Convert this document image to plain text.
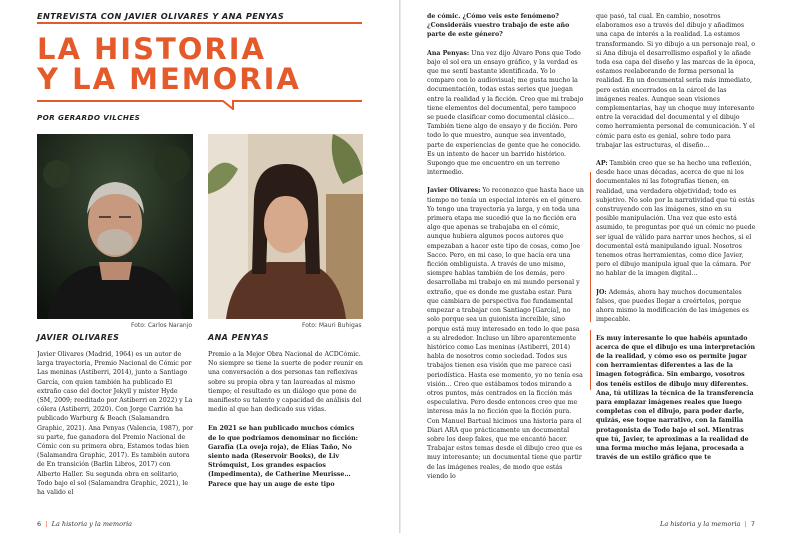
ENTREVISTA CON JAVIER OLIVARES Y ANA PENYAS
LA HISTORIA
Y LA MEMORIA
POR GERARDO VILCHES
Foto: Carlos Naranjo	Foto: Mauri Buhigas
JAVIER OLIVARES	ANA PENYAS

Javier Olivares (Madrid, 1964) es un autor de larga trayectoria, Premio Nacional de Cómic por Las meninas (Astiberri, 2014), junto a Santiago García, con quien también ha publicado El extraño caso del doctor Jekyll y míster Hyde (SM, 2009; reeditado por Astiberri en 2022) y La cólera (Astiberri, 2020). Con Jorge Carrión ha publicado Warburg & Beach (Salamandra Graphic, 2021). Ana Penyas (Valencia, 1987), por su parte, fue ganadora del Premio Nacional de Cómic con su primera obra, Estamos todas bien (Salamandra Graphic, 2017). Es también autora de En transición (Barlin Libros, 2017) con Alberto Haller. Su segunda obra en solitario, Todo bajo el sol (Salamandra Graphic, 2021), le ha valido el

Premio a la Mejor Obra Nacional de ACDCómic. No siempre se tiene la suerte de poder reunir en una conversación a dos personas tan reflexivas sobre su propia obra y tan laureadas al mismo tiempo; el resultado es un diálogo que pone de manifiesto su talento y capacidad de análisis del medio al que han dedicado sus vidas.

En 2021 se han publicado muchos cómics de lo que podríamos denominar no ficción: Garafía (La oveja roja), de Elías Taño, No siento nada (Reservoir Books), de Liv Strömquist, Los grandes espacios (Impedimenta), de Catherine Meurisse… Parece que hay un auge de este tipo

6  |  La historia y la memoria

de cómic. ¿Cómo veis este fenómeno? ¿Consideráis vuestro trabajo de este año parte de este género?

Ana Penyas: Una vez dijo Álvaro Pons que Todo bajo el sol era un ensayo gráfico, y la verdad es que me sentí bastante identificada. Yo lo comparo con lo audiovisual; me gusta mucho la documentación, todas estas series que juegan entre la realidad y la ficción. Creo que mi trabajo tiene elementos del documental, pero tampoco se puede clasificar como documental clásico… También tiene algo de ensayo y de ficción. Pero todo lo que muestro, aunque sea inventado, parte de experiencias de gente que he conocido. Es un intento de hacer un barrido histórico. Supongo que me encuentro en un terreno intermedio.

Javier Olivares: Yo reconozco que hasta hace un tiempo no tenía un especial interés en el género. Yo tengo una trayectoria ya larga, y en toda una primera etapa me sucedió que la no ficción era algo que apenas se trabajaba en el cómic, aunque hubiera algunos pocos autores que empezaban a hacer este tipo de cosas, como Joe Sacco. Pero, en mi caso, lo que hacía era una ficción ombliguista. A través de uno mismo, siempre hablas también de los demás, pero desarrollaba mi trabajo en mi mundo personal y extraño, que es donde me gustaba estar. Para que cambiara de perspectiva fue fundamental empezar a trabajar con Santiago [García], no solo porque sea un guionista increíble, sino porque está muy interesado en todo lo que pasa a su alrededor. Incluso un libro aparentemente histórico como Las meninas (Astiberri, 2014) habla de nosotros como sociedad. Todos sus trabajos tienen esa visión que me parece casi periodística. Hasta ese momento, yo no tenía esa visión… Creo que estábamos todos mirando a otros puntos, más centrados en la ficción más especulativa. Pero desde entonces creo que me interesa más la no ficción que la ficción pura. Con Manuel Bartual hicimos una historia para el Diari ARA que prácticamente un documental sobre los deep fakes, que me encantó hacer. Trabajar estos temas desde el dibujo creo que es muy interesante; un documental tiene que partir de las imágenes reales, de modo que estás viendo lo

que pasó, tal cual. En cambio, nosotros elaboramos eso a través del dibujo y añadimos una capa de interés a la realidad. La estamos transformando. Si yo dibujo a un personaje real, o si Ana dibuja el desarrollismo español y le añade toda esa capa del diseño y las marcas de la época, estamos reelaborando de forma personal la realidad. En un documental sería más inmediato, pero están encerrados en la cárcel de las imágenes reales. Aunque sean visiones complementarias, hay un choque muy interesante entre la veracidad del documental y el dibujo como herramienta personal de comunicación. Y el cómic para esto es genial, sobre todo para trabajar las estructuras, el diseño…

AP: También creo que se ha hecho una reflexión, desde hace unas décadas, acerca de que ni los documentales ni las fotografías tienen, en realidad, una verdadera objetividad; todo es subjetivo. No solo por la narratividad que tú estás construyendo con las imágenes, sino en su posible manipulación. Una vez que esto está asumido, te preguntas por qué un cómic no puede ser igual de válido para narrar unos hechos, si el documental está manipulando igual. Nosotros tenemos otras herramientas, como dice Javier, pero el dibujo manipula igual que la cámara. Por no hablar de la imagen digital…

JO: Además, ahora hay muchos documentales falsos, que puedes llegar a creértelos, porque ahora mismo la modificación de las imágenes es impecable.

Es muy interesante lo que habéis apuntado acerca de que el dibujo es una interpretación de la realidad, y cómo eso os permite jugar con herramientas diferentes a las de la imagen fotográfica. Sin embargo, vosotros dos tenéis estilos de dibujo muy diferentes. Ana, tú utilizas la técnica de la transferencia para emplazar imágenes reales que luego completas con el dibujo, para poder darle, quizás, ese toque narrativo, con la familia protagonista de Todo bajo el sol. Mientras que tú, Javier, te aproximas a la realidad de una forma mucho más lejana, procesada a través de un estilo gráfico que te

La historia y la memoria  |  7
